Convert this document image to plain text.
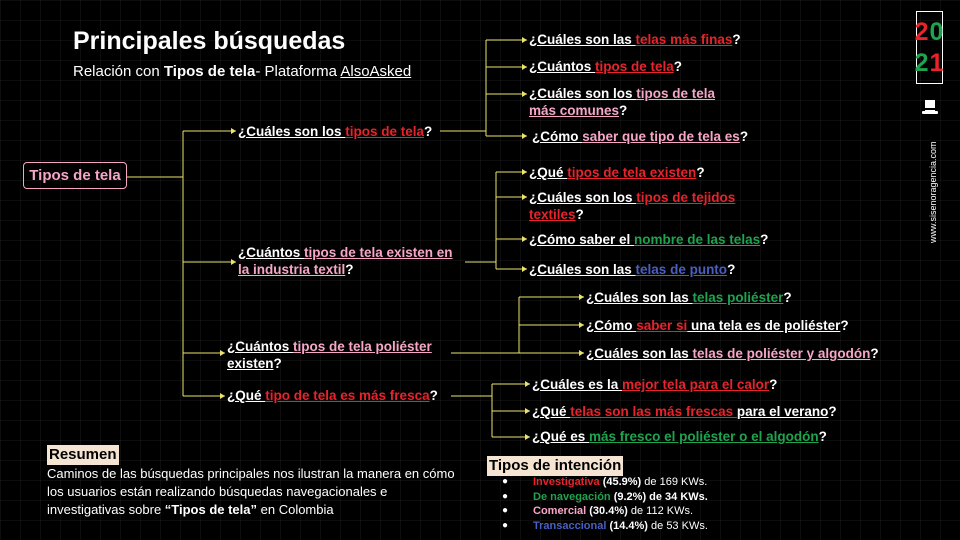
Principales búsquedas
Relación con Tipos de tela- Plataforma AlsoAsked
Tipos de tela
¿Cuáles son los tipos de tela?
¿Cuántos tipos de tela existen en
la industria textil?
¿Cuántos tipos de tela poliéster
existen?
¿Qué tipo de tela es más fresca?
¿Cuáles son las telas más finas?
¿Cuántos tipos de tela?
¿Cuáles son los tipos de tela
más comunes?
¿Cómo saber que tipo de tela es?
¿Qué tipos de tela existen?
¿Cuáles son los tipos de tejidos
textiles?
¿Cómo saber el nombre de las telas?
¿Cuáles son las telas de punto?
¿Cuáles son las telas poliéster?
¿Cómo saber si una tela es de poliéster?
¿Cuáles son las telas de poliéster y algodón?
¿Cuáles es la mejor tela para el calor?
¿Qué telas son las más frescas para el verano?
¿Qué es más fresco el poliéster o el algodón?
Resumen
Caminos de las búsquedas principales nos ilustran la manera en cómo los usuarios están realizando búsquedas navegacionales e investigativas sobre “Tipos de tela” en Colombia
Tipos de intención
● Investigativa (45.9%) de 169 KWs.
● De navegación (9.2%) de 34 KWs.
● Comercial (30.4%) de 112 KWs.
● Transaccional (14.4%) de 53 KWs.
20
21
www.sisenoragencia.com
